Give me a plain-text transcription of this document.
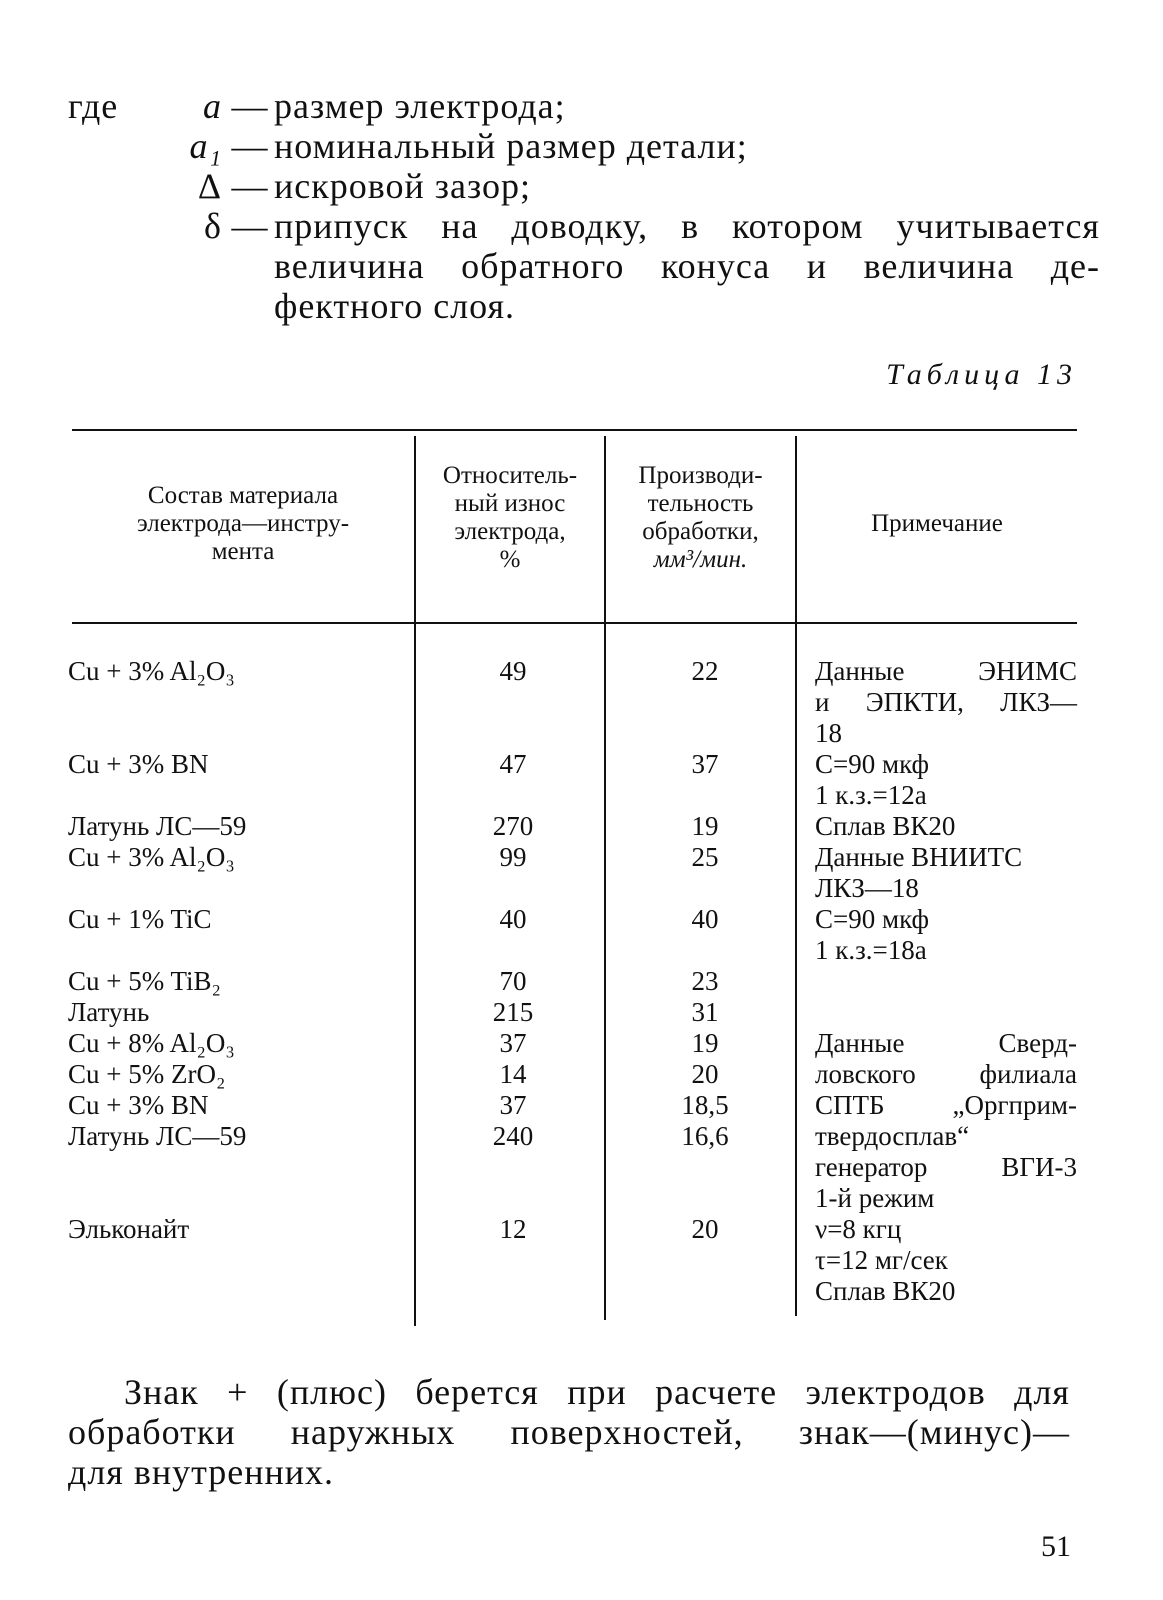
где	a — размер электрода;
a₁ — номинальный размер детали;
Δ — искровой зазор;
δ — припуск на доводку, в котором учитывается
величина обратного конуса и величина де-
фектного слоя.
Таблица 13
Состав материала
электрода—инстру-
мента
Относитель-
ный износ
электрода,
%
Производи-
тельность
обработки,
мм³/мин.
Примечание
Cu + 3% Al₂O₃
Cu + 3% BN
Латунь ЛС—59
Cu + 3% Al₂O₃
Cu + 1% TiC
Cu + 5% TiB₂
Латунь
Cu + 8% Al₂O₃
Cu + 5% ZrO₂
Cu + 3% BN
Латунь ЛС—59
Эльконайт
49
47
270
99
40
70
215
37
14
37
240
12
22
37
19
25
40
23
31
19
20
18,5
16,6
20
Данные ЭНИМС
и ЭПКТИ, ЛКЗ—
18
С=90 мкф
1 к.з.=12а
Сплав ВК20
Данные ВНИИТС
ЛКЗ—18
С=90 мкф
1 к.з.=18а
Данные Сверд-
ловского филиала
СПТБ „Оргприм-
твердосплав“
генератор ВГИ-3
1-й режим
ν=8 кгц
τ=12 мг/сек
Сплав ВК20
Знак + (плюс) берется при расчете электродов для
обработки наружных поверхностей, знак—(минус)—
для внутренних.
51
